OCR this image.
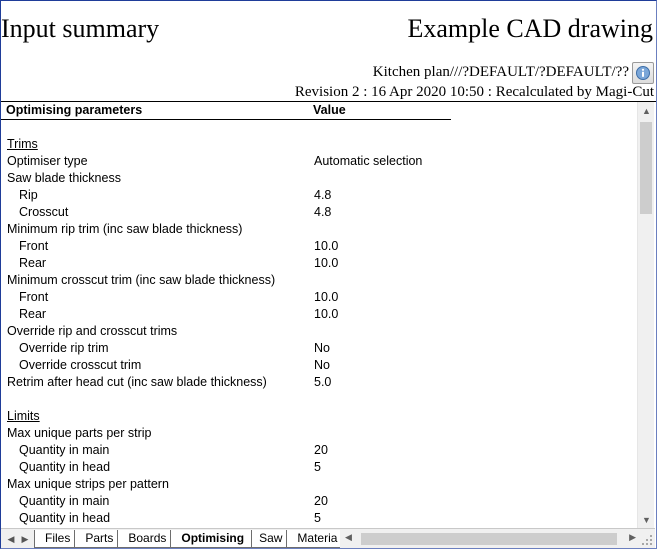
Input summary	Example CAD drawing
Kitchen plan///?DEFAULT/?DEFAULT/??
Revision 2 : 16 Apr 2020 10:50 : Recalculated by Magi-Cut
Optimising parameters	Value
Trims
Optimiser type	Automatic selection
Saw blade thickness
Rip	4.8
Crosscut	4.8
Minimum rip trim (inc saw blade thickness)
Front	10.0
Rear	10.0
Minimum crosscut trim (inc saw blade thickness)
Front	10.0
Rear	10.0
Override rip and crosscut trims
Override rip trim	No
Override crosscut trim	No
Retrim after head cut (inc saw blade thickness)	5.0
Limits
Max unique parts per strip
Quantity in main	20
Quantity in head	5
Max unique strips per pattern
Quantity in main	20
Quantity in head	5
▲
▼
◀ ▶	Files Parts Boards Optimising Saw Materia ◀	▶
